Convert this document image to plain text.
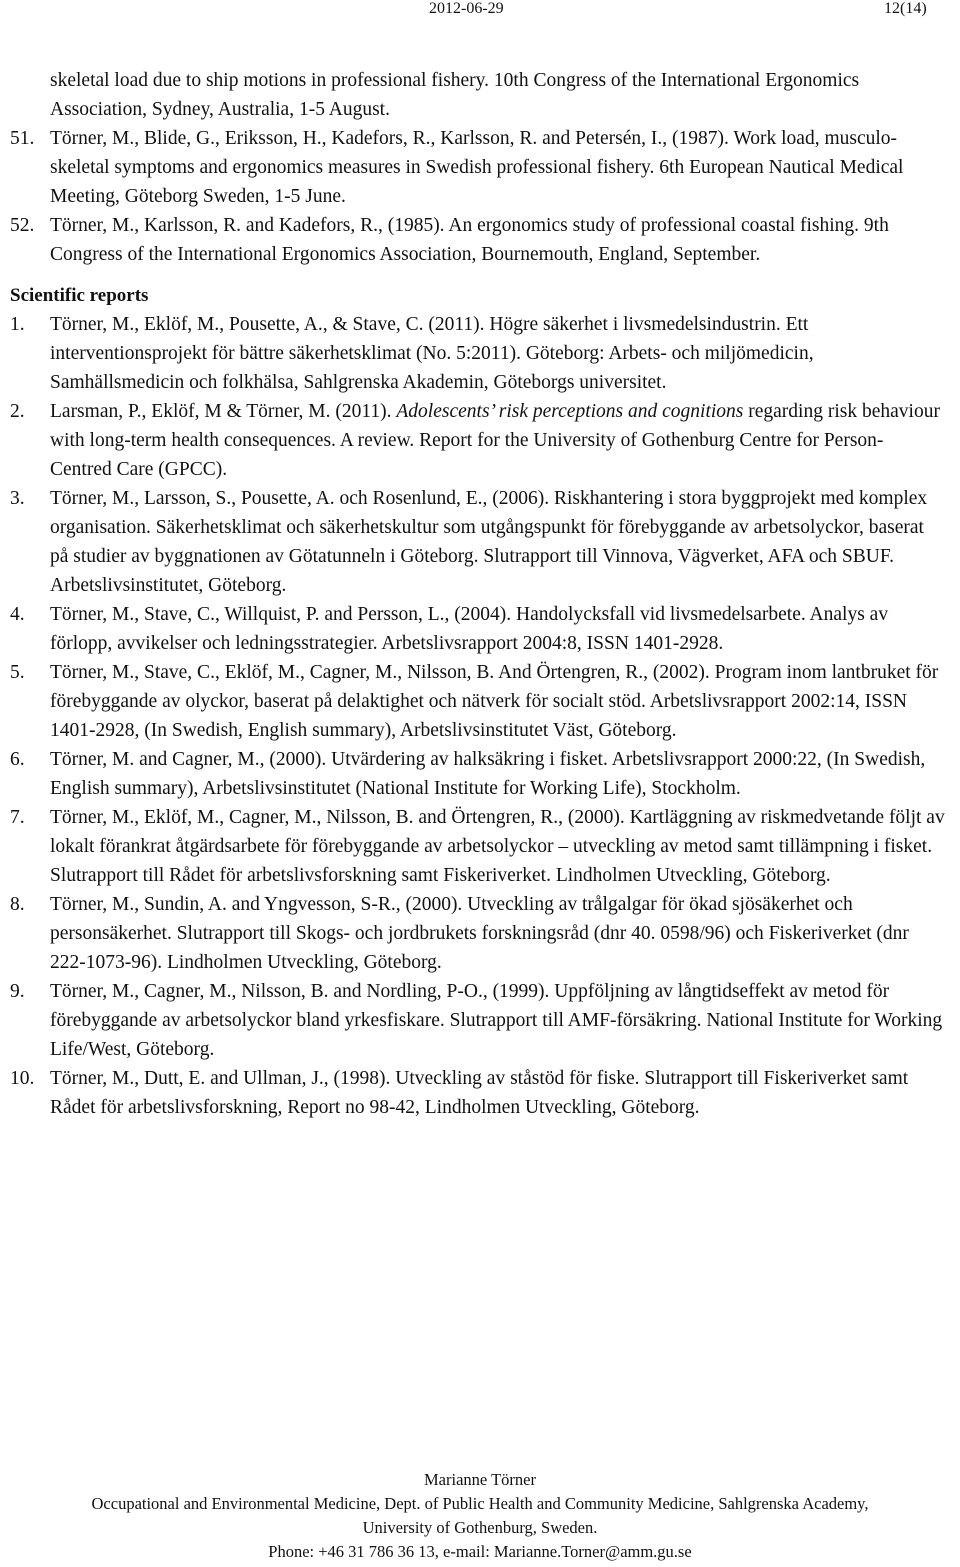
2012-06-29	12(14)
skeletal load due to ship motions in professional fishery. 10th Congress of the International Ergonomics Association, Sydney, Australia, 1-5 August.
51. Törner, M., Blide, G., Eriksson, H., Kadefors, R., Karlsson, R. and Petersén, I., (1987). Work load, musculo-skeletal symptoms and ergonomics measures in Swedish professional fishery. 6th European Nautical Medical Meeting, Göteborg Sweden, 1-5 June.
52. Törner, M., Karlsson, R. and Kadefors, R., (1985). An ergonomics study of professional coastal fishing. 9th Congress of the International Ergonomics Association, Bournemouth, England, September.
Scientific reports
1. Törner, M., Eklöf, M., Pousette, A., & Stave, C. (2011). Högre säkerhet i livsmedelsindustrin. Ett interventionsprojekt för bättre säkerhetsklimat (No. 5:2011). Göteborg: Arbets- och miljömedicin, Samhällsmedicin och folkhälsa, Sahlgrenska Akademin, Göteborgs universitet.
2. Larsman, P., Eklöf, M & Törner, M. (2011). Adolescents’ risk perceptions and cognitions regarding risk behaviour with long-term health consequences. A review. Report for the University of Gothenburg Centre for Person-Centred Care (GPCC).
3. Törner, M., Larsson, S., Pousette, A. och Rosenlund, E., (2006). Riskhantering i stora byggprojekt med komplex organisation. Säkerhetsklimat och säkerhetskultur som utgångspunkt för förebyggande av arbetsolyckor, baserat på studier av byggnationen av Götatunneln i Göteborg. Slutrapport till Vinnova, Vägverket, AFA och SBUF. Arbetslivsinstitutet, Göteborg.
4. Törner, M., Stave, C., Willquist, P. and Persson, L., (2004). Handolycksfall vid livsmedelsarbete. Analys av förlopp, avvikelser och ledningsstrategier. Arbetslivsrapport 2004:8, ISSN 1401-2928.
5. Törner, M., Stave, C., Eklöf, M., Cagner, M., Nilsson, B. And Örtengren, R., (2002). Program inom lantbruket för förebyggande av olyckor, baserat på delaktighet och nätverk för socialt stöd. Arbetslivsrapport 2002:14, ISSN 1401-2928, (In Swedish, English summary), Arbetslivsinstitutet Väst, Göteborg.
6. Törner, M. and Cagner, M., (2000). Utvärdering av halksäkring i fisket. Arbetslivsrapport 2000:22, (In Swedish, English summary), Arbetslivsinstitutet (National Institute for Working Life), Stockholm.
7. Törner, M., Eklöf, M., Cagner, M., Nilsson, B. and Örtengren, R., (2000). Kartläggning av riskmedvetande följt av lokalt förankrat åtgärdsarbete för förebyggande av arbetsolyckor – utveckling av metod samt tillämpning i fisket. Slutrapport till Rådet för arbetslivsforskning samt Fiskeriverket. Lindholmen Utveckling, Göteborg.
8. Törner, M., Sundin, A. and Yngvesson, S-R., (2000). Utveckling av trålgalgar för ökad sjösäkerhet och personsäkerhet. Slutrapport till Skogs- och jordbrukets forskningsråd (dnr 40. 0598/96) och Fiskeriverket (dnr 222-1073-96). Lindholmen Utveckling, Göteborg.
9. Törner, M., Cagner, M., Nilsson, B. and Nordling, P-O., (1999). Uppföljning av långtidseffekt av metod för förebyggande av arbetsolyckor bland yrkesfiskare. Slutrapport till AMF-försäkring. National Institute for Working Life/West, Göteborg.
10. Törner, M., Dutt, E. and Ullman, J., (1998). Utveckling av ståstöd för fiske. Slutrapport till Fiskeriverket samt Rådet för arbetslivsforskning, Report no 98-42, Lindholmen Utveckling, Göteborg.
Marianne Törner
Occupational and Environmental Medicine, Dept. of Public Health and Community Medicine, Sahlgrenska Academy,
University of Gothenburg, Sweden.
Phone: +46 31 786 36 13, e-mail: Marianne.Torner@amm.gu.se
